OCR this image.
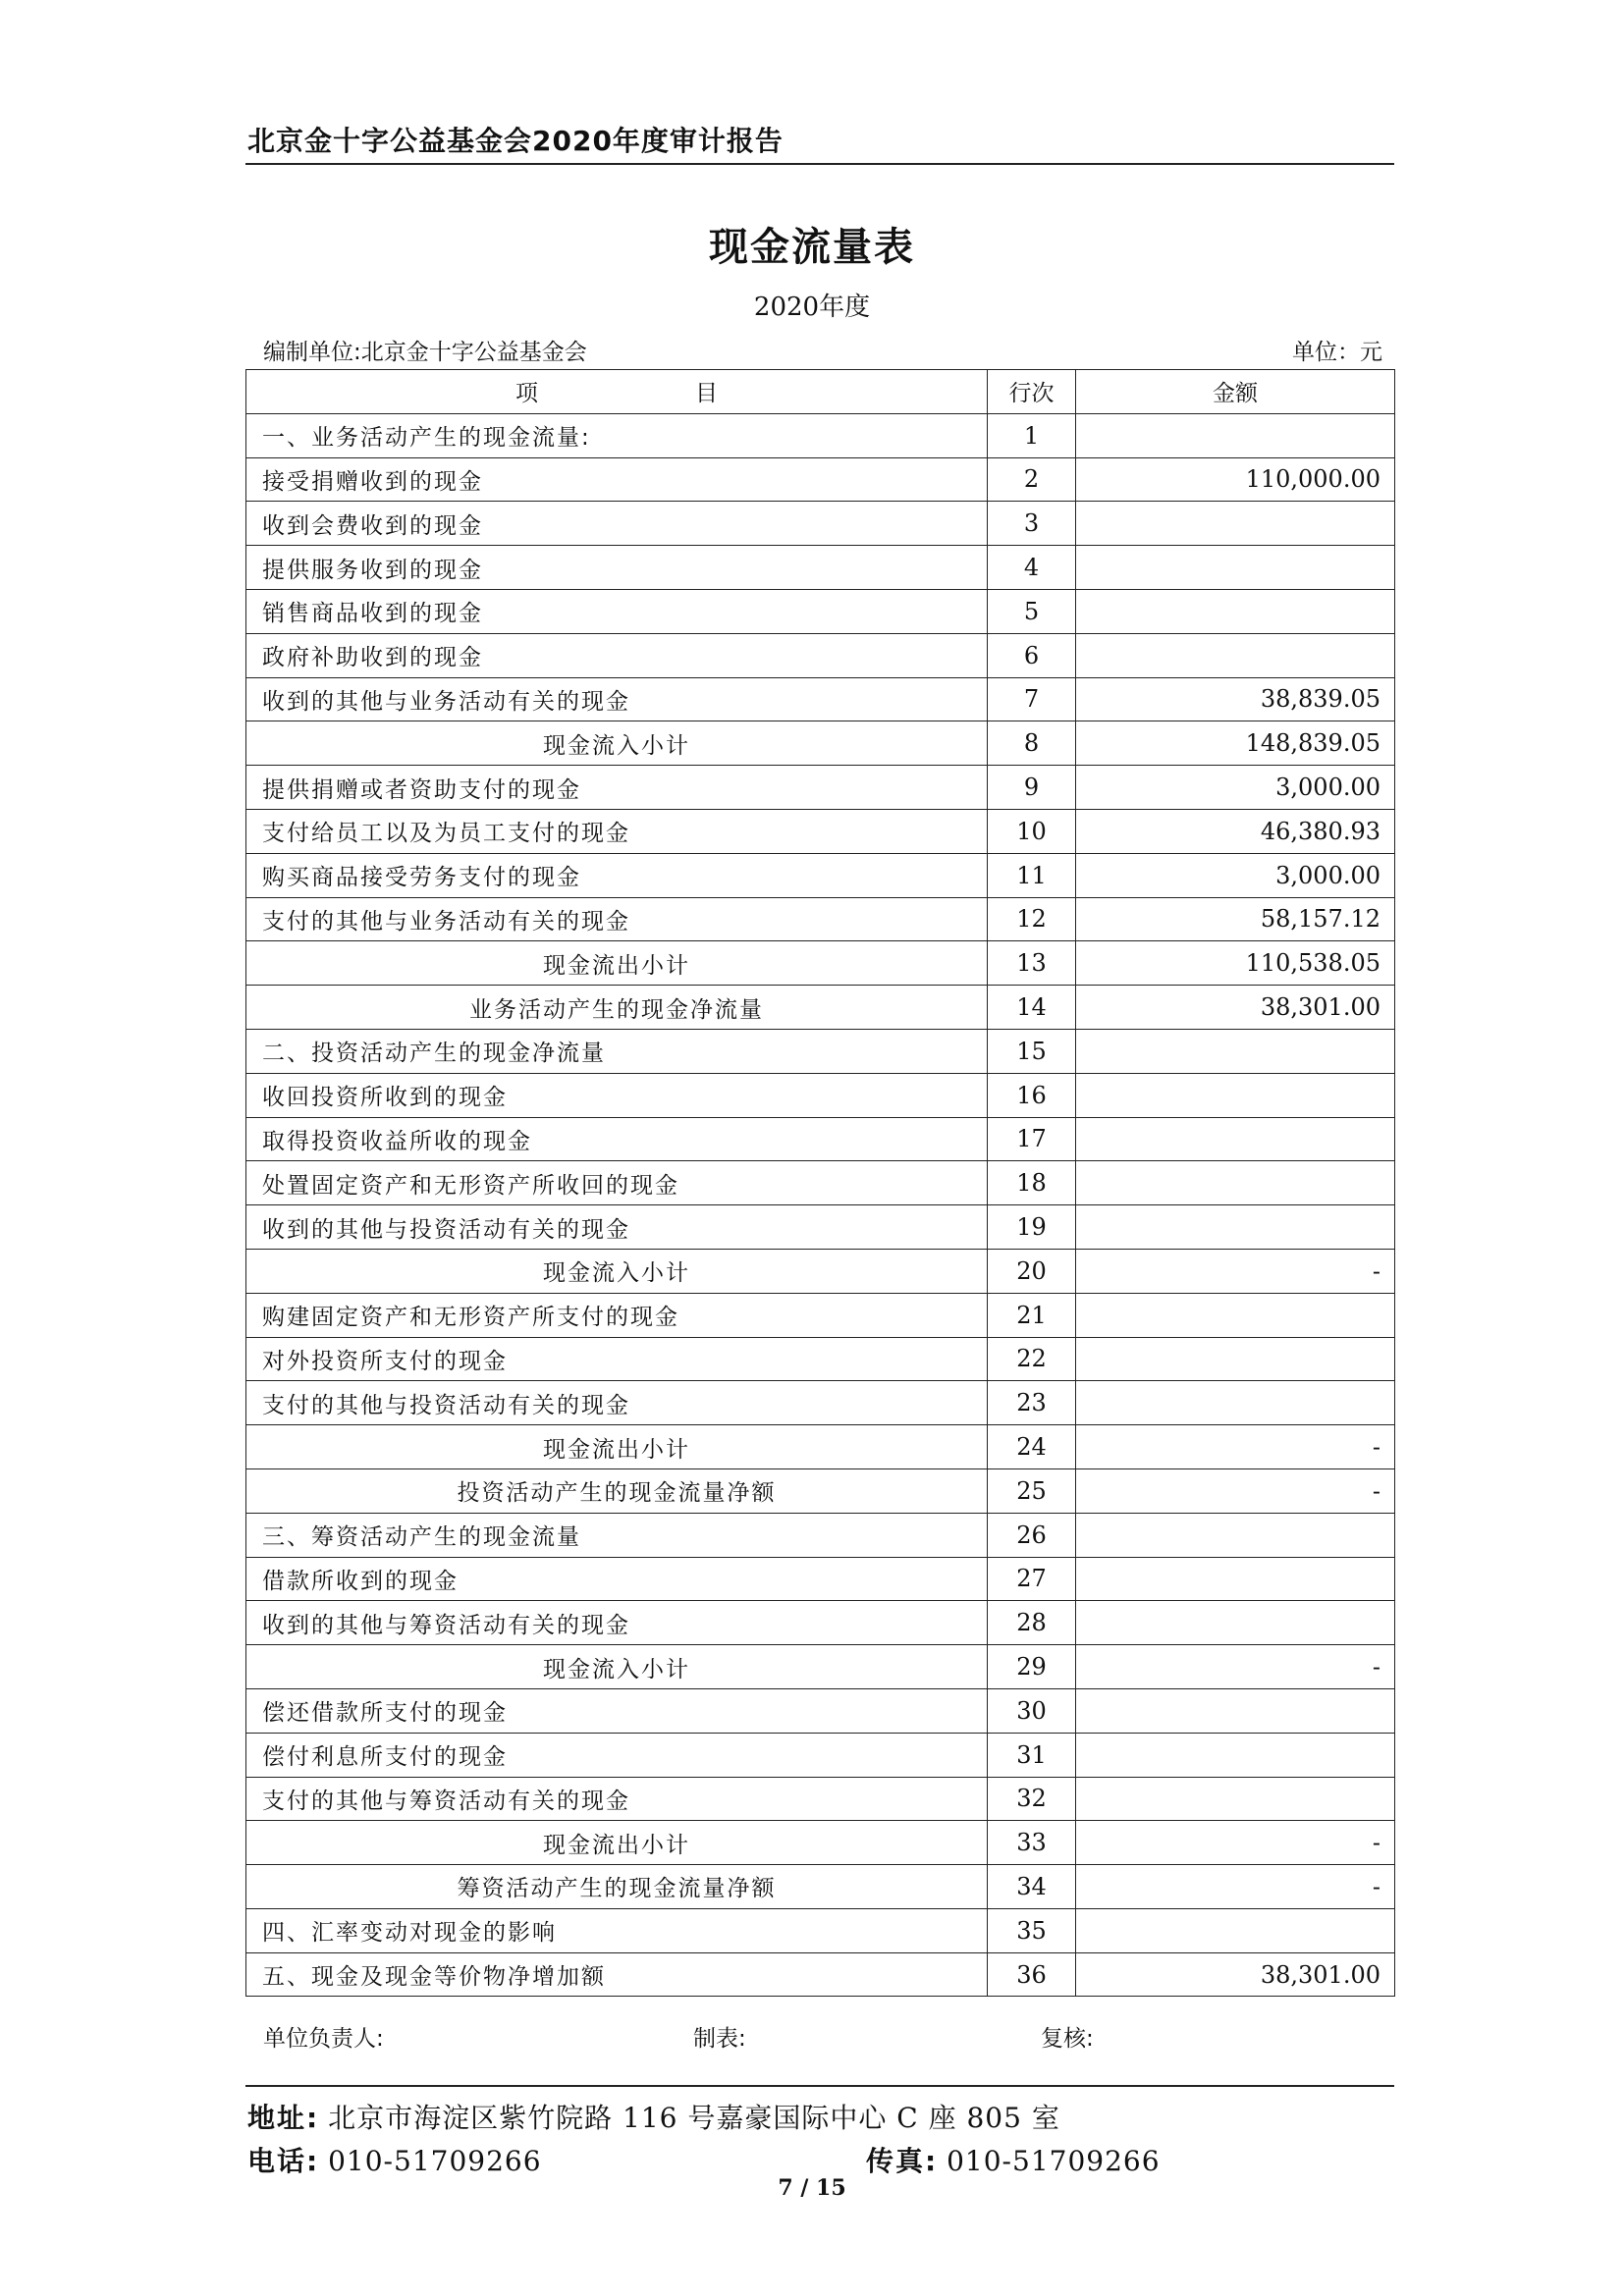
北京金十字公益基金会2020年度审计报告
现金流量表
2020年度
编制单位:北京金十字公益基金会	单位：元
项 目	行次	金额
一、业务活动产生的现金流量:	1	
接受捐赠收到的现金	2	110,000.00
收到会费收到的现金	3	
提供服务收到的现金	4	
销售商品收到的现金	5	
政府补助收到的现金	6	
收到的其他与业务活动有关的现金	7	38,839.05
现金流入小计	8	148,839.05
提供捐赠或者资助支付的现金	9	3,000.00
支付给员工以及为员工支付的现金	10	46,380.93
购买商品接受劳务支付的现金	11	3,000.00
支付的其他与业务活动有关的现金	12	58,157.12
现金流出小计	13	110,538.05
业务活动产生的现金净流量	14	38,301.00
二、投资活动产生的现金净流量	15	
收回投资所收到的现金	16	
取得投资收益所收的现金	17	
处置固定资产和无形资产所收回的现金	18	
收到的其他与投资活动有关的现金	19	
现金流入小计	20	-
购建固定资产和无形资产所支付的现金	21	
对外投资所支付的现金	22	
支付的其他与投资活动有关的现金	23	
现金流出小计	24	-
投资活动产生的现金流量净额	25	-
三、筹资活动产生的现金流量	26	
借款所收到的现金	27	
收到的其他与筹资活动有关的现金	28	
现金流入小计	29	-
偿还借款所支付的现金	30	
偿付利息所支付的现金	31	
支付的其他与筹资活动有关的现金	32	
现金流出小计	33	-
筹资活动产生的现金流量净额	34	-
四、汇率变动对现金的影响	35	
五、现金及现金等价物净增加额	36	38,301.00
单位负责人:	制表:	复核:
地址: 北京市海淀区紫竹院路 116 号嘉豪国际中心 C 座 805 室
电话: 010-51709266	传真: 010-51709266
7 / 15
